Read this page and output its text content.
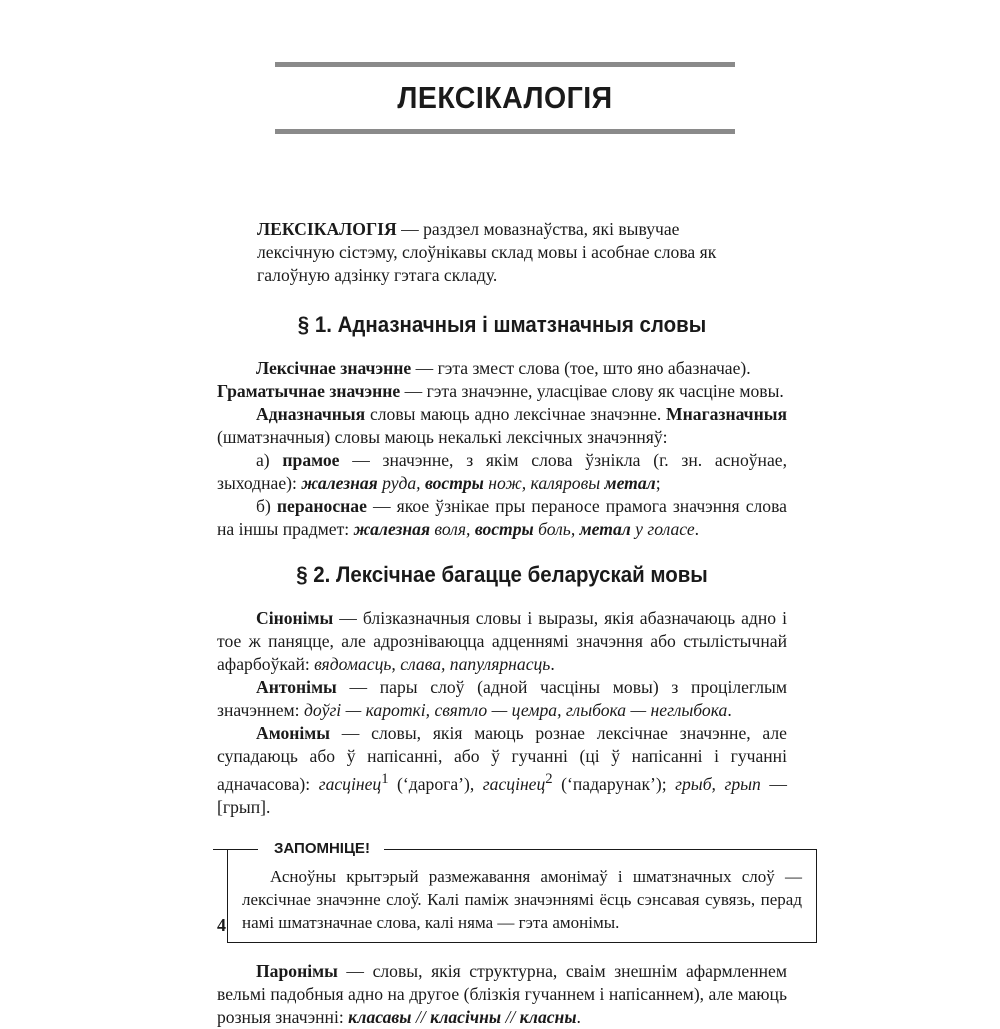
ЛЕКСІКАЛОГІЯ

ЛЕКСІКАЛОГІЯ — раздзел мовазнаўства, які вывучае лексічную сістэму, слоўнікавы склад мовы і асобнае слова як галоўную адзінку гэтага складу.

§ 1. Адназначныя і шматзначныя словы

Лексічнае значэнне — гэта змест слова (тое, што яно абазначае).

Граматычнае значэнне — гэта значэнне, уласцівае слову як часціне мовы.

Адназначныя словы маюць адно лексічнае значэнне. Мнагазначныя (шматзначныя) словы маюць некалькі лексічных значэнняў:

а) прамое — значэнне, з якім слова ўзнікла (г. зн. асноўнае, зыходнае): жалезная руда, востры нож, каляровы метал;

б) пераноснае — якое ўзнікае пры пераносе прамога значэння слова на іншы прадмет: жалезная воля, востры боль, метал у голасе.

§ 2. Лексічнае багацце беларускай мовы

Сінонімы — блізказначныя словы і выразы, якія абазначаюць адно і тое ж паняцце, але адрозніваюцца адценнямі значэння або стылістычнай афарбоўкай: вядомасць, слава, папулярнасць.

Антонімы — пары слоў (адной часціны мовы) з процілеглым значэннем: доўгі — кароткі, святло — цемра, глыбока — неглыбока.

Амонімы — словы, якія маюць рознае лексічнае значэнне, але супадаюць або ў напісанні, або ў гучанні (ці ў напісанні і гучанні адначасова): гасцінец$^1$ (‘дарога’), гасцінец$^2$ (‘падарунак’); грыб, грып — [грып].

ЗАПОМНІЦЕ!

Асноўны крытэрый размежавання амонімаў і шматзначных слоў — лексічнае значэнне слоў. Калі паміж значэннямі ёсць сэнсавая сувязь, перад намі шматзначнае слова, калі няма — гэта амонімы.

Паронімы — словы, якія структурна, сваім знешнім афармленнем вельмі падобныя адно на другое (блізкія гучаннем і напісаннем), але маюць розныя значэнні: класавы // класічны // класны.

4
